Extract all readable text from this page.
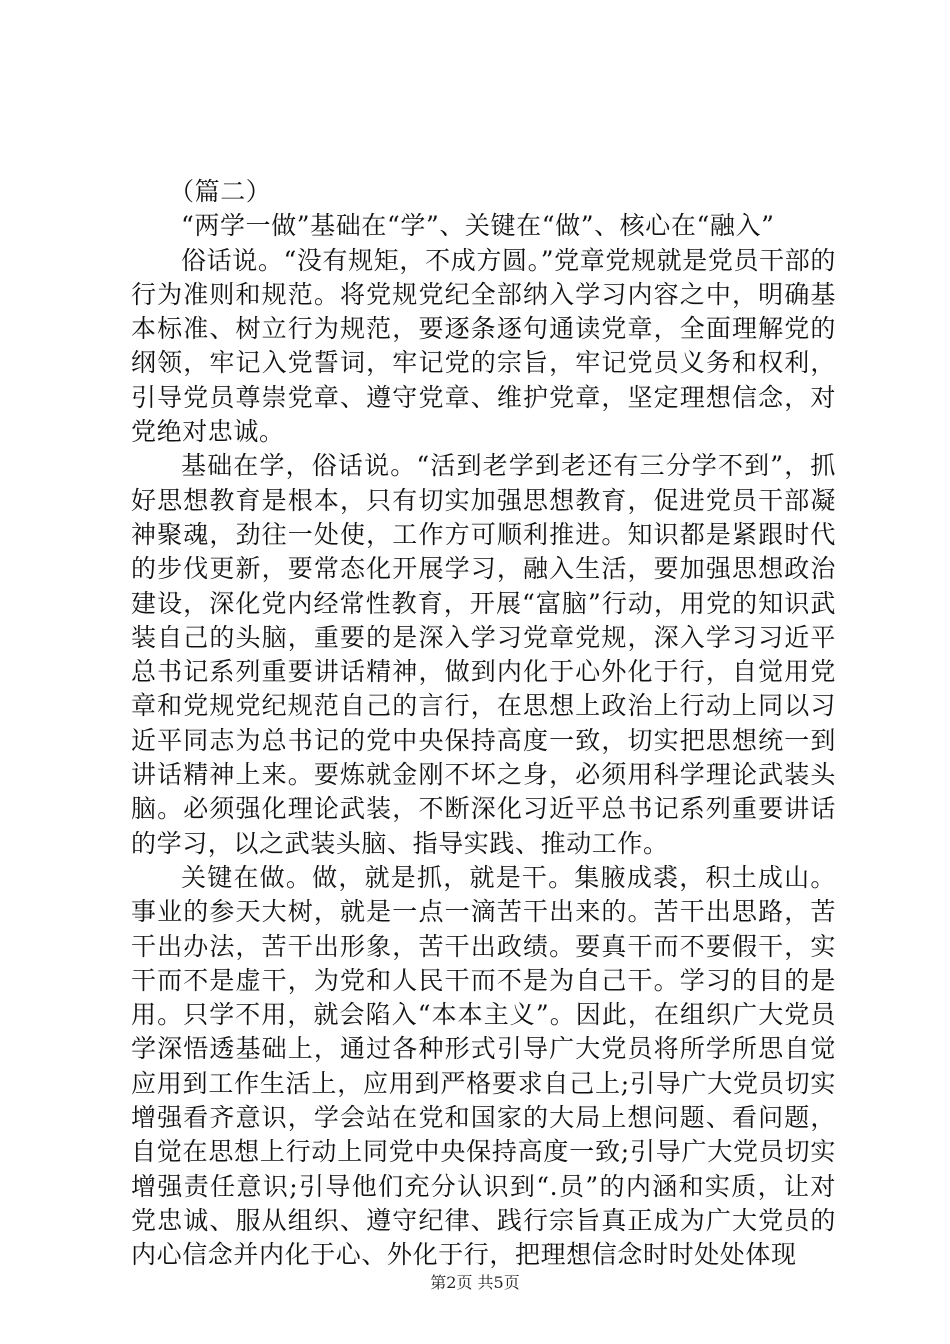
（篇二）

“两学一做”基础在“学”、关键在“做”、核心在“融入”

俗话说。“没有规矩，不成方圆。”党章党规就是党员干部的行为准则和规范。将党规党纪全部纳入学习内容之中，明确基本标准、树立行为规范，要逐条逐句通读党章，全面理解党的纲领，牢记入党誓词，牢记党的宗旨，牢记党员义务和权利，引导党员尊崇党章、遵守党章、维护党章，坚定理想信念，对党绝对忠诚。

基础在学，俗话说。“活到老学到老还有三分学不到”，抓好思想教育是根本，只有切实加强思想教育，促进党员干部凝神聚魂，劲往一处使，工作方可顺利推进。知识都是紧跟时代的步伐更新，要常态化开展学习，融入生活，要加强思想政治建设，深化党内经常性教育，开展“富脑”行动，用党的知识武装自己的头脑，重要的是深入学习党章党规，深入学习习近平总书记系列重要讲话精神，做到内化于心外化于行，自觉用党章和党规党纪规范自己的言行，在思想上政治上行动上同以习近平同志为总书记的党中央保持高度一致，切实把思想统一到讲话精神上来。要炼就金刚不坏之身，必须用科学理论武装头脑。必须强化理论武装，不断深化习近平总书记系列重要讲话的学习，以之武装头脑、指导实践、推动工作。

关键在做。做，就是抓，就是干。集腋成裘，积土成山。事业的参天大树，就是一点一滴苦干出来的。苦干出思路，苦干出办法，苦干出形象，苦干出政绩。要真干而不要假干，实干而不是虚干，为党和人民干而不是为自己干。学习的目的是用。只学不用，就会陷入“本本主义”。因此，在组织广大党员学深悟透基础上，通过各种形式引导广大党员将所学所思自觉应用到工作生活上，应用到严格要求自己上;引导广大党员切实增强看齐意识，学会站在党和国家的大局上想问题、看问题，自觉在思想上行动上同党中央保持高度一致;引导广大党员切实增强责任意识;引导他们充分认识到“.员”的内涵和实质，让对党忠诚、服从组织、遵守纪律、践行宗旨真正成为广大党员的内心信念并内化于心、外化于行，把理想信念时时处处体现

第2页 共5页
